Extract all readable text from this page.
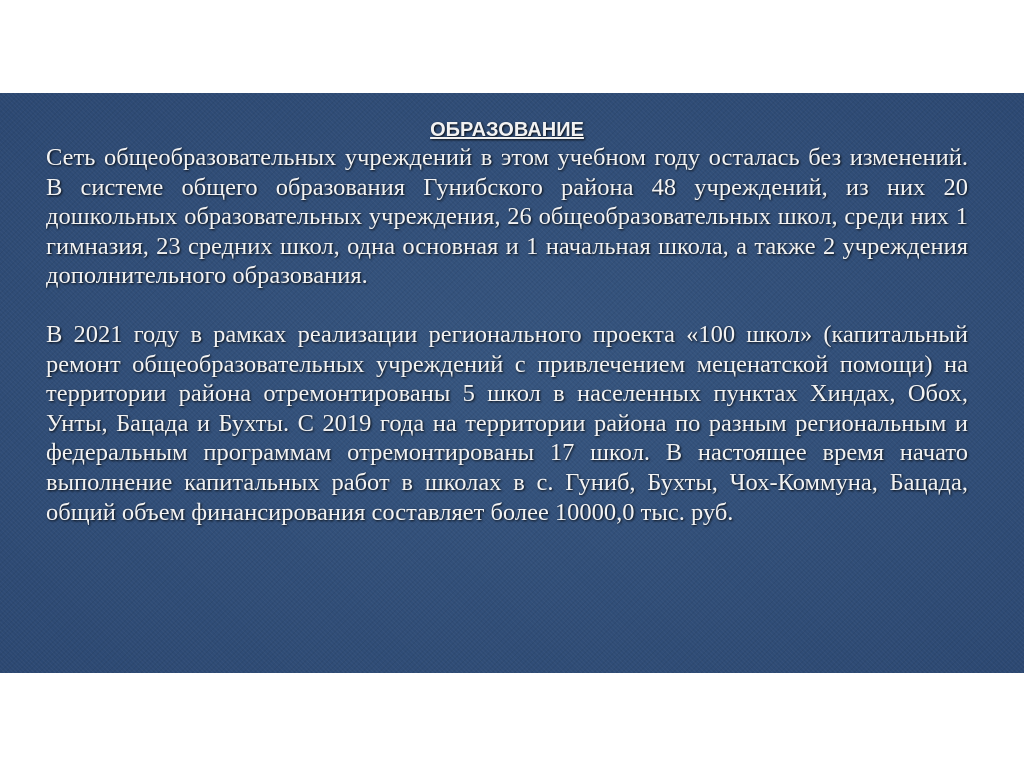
ОБРАЗОВАНИЕ

Сеть общеобразовательных учреждений в этом учебном году осталась без изменений. В системе общего образования Гунибского района 48 учреждений, из них 20 дошкольных образовательных учреждения, 26 общеобразовательных школ, среди них 1 гимназия, 23 средних школ, одна основная и 1 начальная школа, а также 2 учреждения дополнительного образования.

В 2021 году в рамках реализации регионального проекта «100 школ» (капитальный ремонт общеобразовательных учреждений с привлечением меценатской помощи) на территории района отремонтированы 5 школ в населенных пунктах Хиндах, Обох, Унты, Бацада и Бухты. С 2019 года на территории района по разным региональным и федеральным программам отремонтированы 17 школ. В настоящее время начато выполнение капитальных работ в школах в с. Гуниб, Бухты, Чох-Коммуна, Бацада, общий объем финансирования составляет более 10000,0 тыс. руб.
